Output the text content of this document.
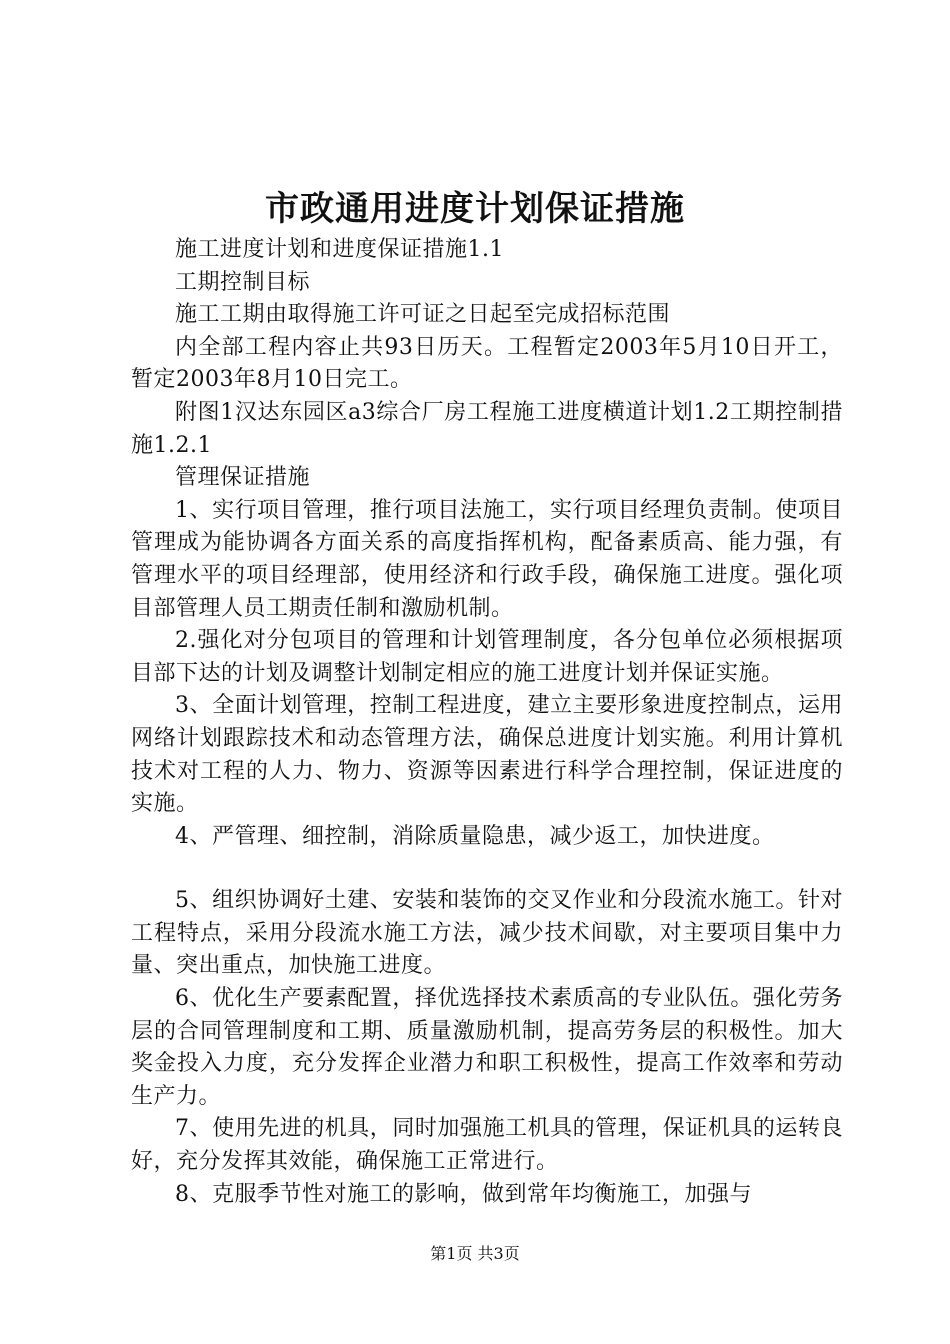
市政通用进度计划保证措施

施工进度计划和进度保证措施1.1

工期控制目标

施工工期由取得施工许可证之日起至完成招标范围

内全部工程内容止共93日历天。工程暂定2003年5月10日开工，暂定2003年8月10日完工。

附图1汉达东园区a3综合厂房工程施工进度横道计划1.2工期控制措施1.2.1

管理保证措施

1、实行项目管理，推行项目法施工，实行项目经理负责制。使项目管理成为能协调各方面关系的高度指挥机构，配备素质高、能力强，有管理水平的项目经理部，使用经济和行政手段，确保施工进度。强化项目部管理人员工期责任制和激励机制。

2.强化对分包项目的管理和计划管理制度，各分包单位必须根据项目部下达的计划及调整计划制定相应的施工进度计划并保证实施。

3、全面计划管理，控制工程进度，建立主要形象进度控制点，运用网络计划跟踪技术和动态管理方法，确保总进度计划实施。利用计算机技术对工程的人力、物力、资源等因素进行科学合理控制，保证进度的实施。

4、严管理、细控制，消除质量隐患，减少返工，加快进度。

5、组织协调好土建、安装和装饰的交叉作业和分段流水施工。针对工程特点，采用分段流水施工方法，减少技术间歇，对主要项目集中力量、突出重点，加快施工进度。

6、优化生产要素配置，择优选择技术素质高的专业队伍。强化劳务层的合同管理制度和工期、质量激励机制，提高劳务层的积极性。加大奖金投入力度，充分发挥企业潜力和职工积极性，提高工作效率和劳动生产力。

7、使用先进的机具，同时加强施工机具的管理，保证机具的运转良好，充分发挥其效能，确保施工正常进行。

8、克服季节性对施工的影响，做到常年均衡施工，加强与

第1页 共3页
